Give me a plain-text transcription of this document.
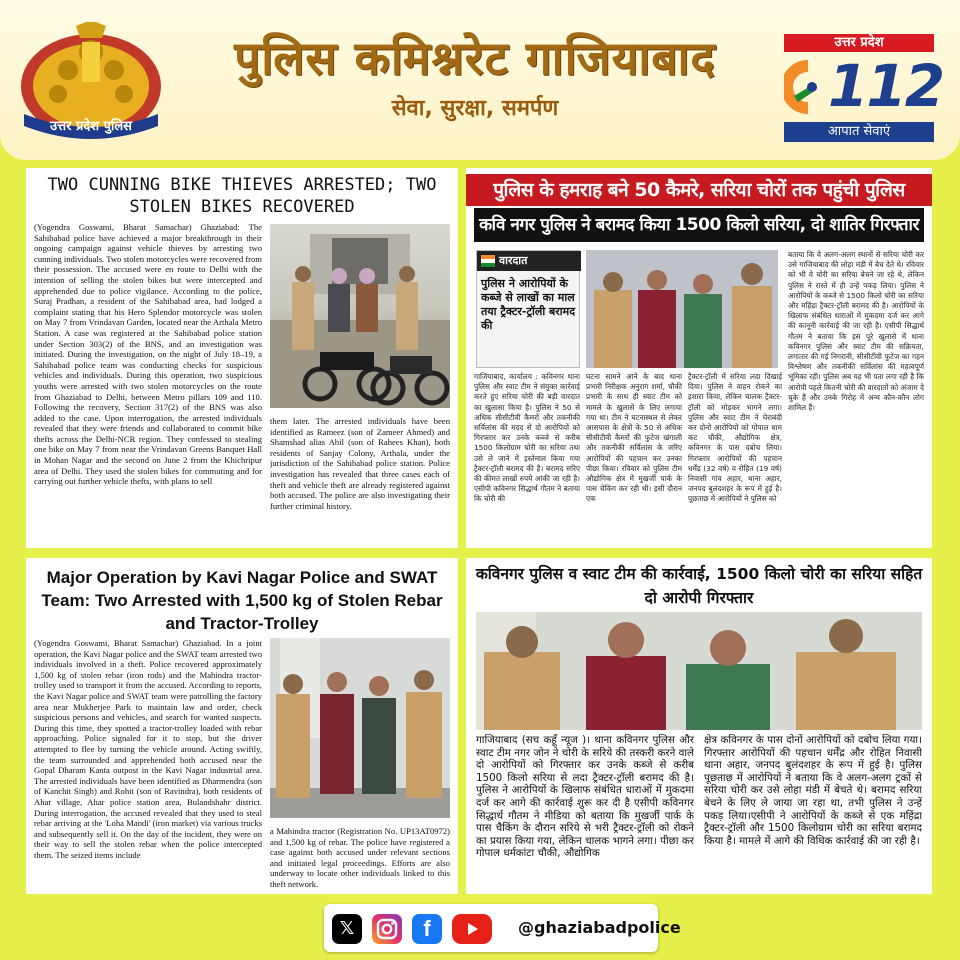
उत्तर प्रदेश पुलिस
पुलिस कमिश्नरेट गाजियाबाद
सेवा, सुरक्षा, समर्पण
उत्तर प्रदेश
112
आपात सेवाएं
TWO CUNNING BIKE THIEVES ARRESTED; TWO STOLEN BIKES RECOVERED
(Yogendra Goswami, Bharat Samachar) Ghaziabad: The Sahibabad police have achieved a major breakthrough in their ongoing campaign against vehicle thieves by arresting two cunning individuals. Two stolen motorcycles were recovered from their possession. The accused were en route to Delhi with the intention of selling the stolen bikes but were intercepted and apprehended due to police vigilance. According to the police, Suraj Pradhan, a resident of the Sahibabad area, had lodged a complaint stating that his Hero Splendor motorcycle was stolen on May 7 from Vrindavan Garden, located near the Arthala Metro Station. A case was registered at the Sahibabad police station under Section 303(2) of the BNS, and an investigation was initiated. During the investigation, on the night of July 18–19, a Sahibabad police team was conducting checks for suspicious vehicles and individuals. During this operation, two suspicious youths were arrested with two stolen motorcycles on the route from Ghaziabad to Delhi, between Metro pillars 109 and 110. Following the recovery, Section 317(2) of the BNS was also added to the case. Upon interrogation, the arrested individuals revealed that they were friends and collaborated to commit bike thefts across the Delhi-NCR region. They confessed to stealing one bike on May 7 from near the Vrindavan Greens Banquet Hall in Mohan Nagar and the second on June 2 from the Khichripur area of Delhi. They used the stolen bikes for commuting and for carrying out further vehicle thefts, with plans to sell
them later. The arrested individuals have been identified as Rameez (son of Zameer Ahmed) and Shamshad alias Abil (son of Rahees Khan), both residents of Sanjay Colony, Arthala, under the jurisdiction of the Sahibabad police station. Police investigation has revealed that three cases each of theft and vehicle theft are already registered against both accused. The police are also investigating their further criminal history.
पुलिस के हमराह बने 50 कैमरे, सरिया चोरों तक पहुंची पुलिस
कवि नगर पुलिस ने बरामद किया 1500 किलो सरिया, दो शातिर गिरफ्तार
वारदात
पुलिस ने आरोपियों के कब्जे से लाखों का माल तया ट्रैक्टर-ट्रॉली बरामद की
गाजियाबाद, कार्यालय : कविनगर थाना पुलिस और स्वाट टीम ने संयुक्त कार्रवाई करते हुए सरिया चोरी की बड़ी वारदात का खुलासा किया है। पुलिस ने 50 से अधिक सीसीटीवी कैमरों और तकनीकी सर्विलांस की मदद से दो आरोपियों को गिरफ्तार कर उनके कब्जे से करीब 1500 किलोग्राम चोरी का सरिया तथा उसे ले जाने में इस्तेमाल किया गया ट्रैक्टर-ट्रॉली बरामद की है। बरामद सरिए की कीमत लाखों रुपये आंकी जा रही है। एसीपी कविनगर सिद्धार्थ गौतम ने बताया कि चोरी की
घटना सामने आने के बाद थाना प्रभारी निरीक्षक अनुराग शर्मा, चौकी प्रभारी के साथ ही स्वाट टीम को मामले के खुलासे के लिए लगाया गया था। टीम ने घटनास्थल से लेकर आसपास के क्षेत्रों के 50 से अधिक सीसीटीवी कैमरों की फुटेज खंगाली और तकनीकी सर्विलांस के जरिए आरोपियों की पहचान कर उनका पीछा किया। रविवार को पुलिस टीम औद्योगिक क्षेत्र में मुखर्जी पार्क के पास चेकिंग कर रही थी। इसी दौरान एक
ट्रैक्टर-ट्रॉली में सरिया लदा दिखाई दिया। पुलिस ने वाहन रोकने का इशारा किया, लेकिन चालक ट्रैक्टर-ट्रॉली को मोड़कर भागने लगा। पुलिस और स्वाट टीम ने घेराबंदी कर दोनों आरोपियों को गोपाल धाम कट चौकी, औद्योगिक क्षेत्र, कविनगर के पास दबोच लिया। गिरफ्तार आरोपियों की पहचान धर्मेंद्र (32 वर्ष) व रोहित (19 वर्ष) निवासी गांव अहार, थाना अहार, जनपद बुलंदशहर के रूप में हुई है। पूछताछ में आरोपियों ने पुलिस को
बताया कि वे अलग-अलग स्थानों से सरिया चोरी कर उसे गाजियाबाद की लोहा मंडी में बेच देते थे। रविवार को भी वे चोरी का सरिया बेचने जा रहे थे, लेकिन पुलिस ने रास्ते में ही उन्हें पकड़ लिया। पुलिस ने आरोपियों के कब्जे से 1500 किलो चोरी का सरिया और महिंद्रा ट्रैक्टर-ट्रॉली बरामद की है। आरोपियों के खिलाफ संबंधित धाराओं में मुकदमा दर्ज कर आगे की कानूनी कार्रवाई की जा रही है। एसीपी सिद्धार्थ गौतम ने बताया कि इस पूरे खुलासे में थाना कविनगर पुलिस और स्वाट टीम की सक्रियता, लगातार की गई निगरानी, सीसीटीवी फुटेज का गहन विश्लेषण और तकनीकी सर्विलांस की महत्वपूर्ण भूमिका रही। पुलिस अब यह भी पता लगा रही है कि आरोपी पहले कितनी चोरी की वारदातों को अंजाम दे चुके हैं और उनके गिरोह में अन्य कौन-कौन लोग शामिल हैं।
Major Operation by Kavi Nagar Police and SWAT Team: Two Arrested with 1,500 kg of Stolen Rebar and Tractor-Trolley
(Yogendra Goswami, Bharat Samachar) Ghaziabad. In a joint operation, the Kavi Nagar police and the SWAT team arrested two individuals involved in a theft. Police recovered approximately 1,500 kg of stolen rebar (iron rods) and the Mahindra tractor-trolley used to transport it from the accused. According to reports, the Kavi Nagar police and SWAT team were patrolling the factory area near Mukherjee Park to maintain law and order, check suspicious persons and vehicles, and search for wanted suspects. During this time, they spotted a tractor-trolley loaded with rebar approaching. Police signaled for it to stop, but the driver attempted to flee by turning the vehicle around. Acting swiftly, the team surrounded and apprehended both accused near the Gopal Dharam Kanta outpost in the Kavi Nagar industrial area. The arrested individuals have been identified as Dharmendra (son of Kanchit Singh) and Rohit (son of Ravindra), both residents of Ahar village, Ahar police station area, Bulandshahr district. During interrogation, the accused revealed that they used to steal rebar arriving at the 'Loha Mandi' (iron market) via various trucks and subsequently sell it. On the day of the incident, they were on their way to sell the stolen rebar when the police intercepted them. The seized items include
a Mahindra tractor (Registration No. UP13AT0972) and 1,500 kg of rebar. The police have registered a case against both accused under relevant sections and initiated legal proceedings. Efforts are also underway to locate other individuals linked to this theft network.
कविनगर पुलिस व स्वाट टीम की कार्रवाई, 1500 किलो चोरी का सरिया सहित दो आरोपी गिरफ्तार
गाजियाबाद (सच कहूँ न्यूज )। थाना कविनगर पुलिस और स्वाट टीम नगर जोन ने चोरी के सरिये की तस्करी करने वाले दो आरोपियों को गिरफ्तार कर उनके कब्जे से करीब 1500 किलो सरिया से लदा ट्रैक्टर-ट्रॉली बरामद की है। पुलिस ने आरोपियों के खिलाफ संबंधित धाराओं में मुकदमा दर्ज कर आगे की कार्रवाई शुरू कर दी है एसीपी कविनगर सिद्धार्थ गौतम ने मीडिया को बताया कि मुखर्जी पार्क के पास चैकिंग के दौरान सरिये से भरी ट्रैक्टर-ट्रॉली को रोकने का प्रयास किया गया, लेकिन चालक भागने लगा। पीछा कर गोपाल धर्मकांटा चौकी, औद्योगिक
क्षेत्र कविनगर के पास दोनों आरोपियों को दबोच लिया गया।गिरफ्तार आरोपियों की पहचान धर्मेंद्र और रोहित निवासी थाना अहार, जनपद बुलंदशहर के रूप में हुई है। पुलिस पूछताछ में आरोपियों ने बताया कि वे अलग-अलग ट्रकों से सरिया चोरी कर उसे लोहा मंडी में बेचते थे। बरामद सरिया बेचने के लिए ले जाया जा रहा था, तभी पुलिस ने उन्हें पकड़ लिया।एसीपी ने आरोपियों के कब्जे से एक महिंद्रा ट्रैक्टर-ट्रॉली और 1500 किलोग्राम चोरी का सरिया बरामद किया है। मामले में आगे की विधिक कार्रवाई की जा रही है।
𝕏	f	@ghaziabadpolice
